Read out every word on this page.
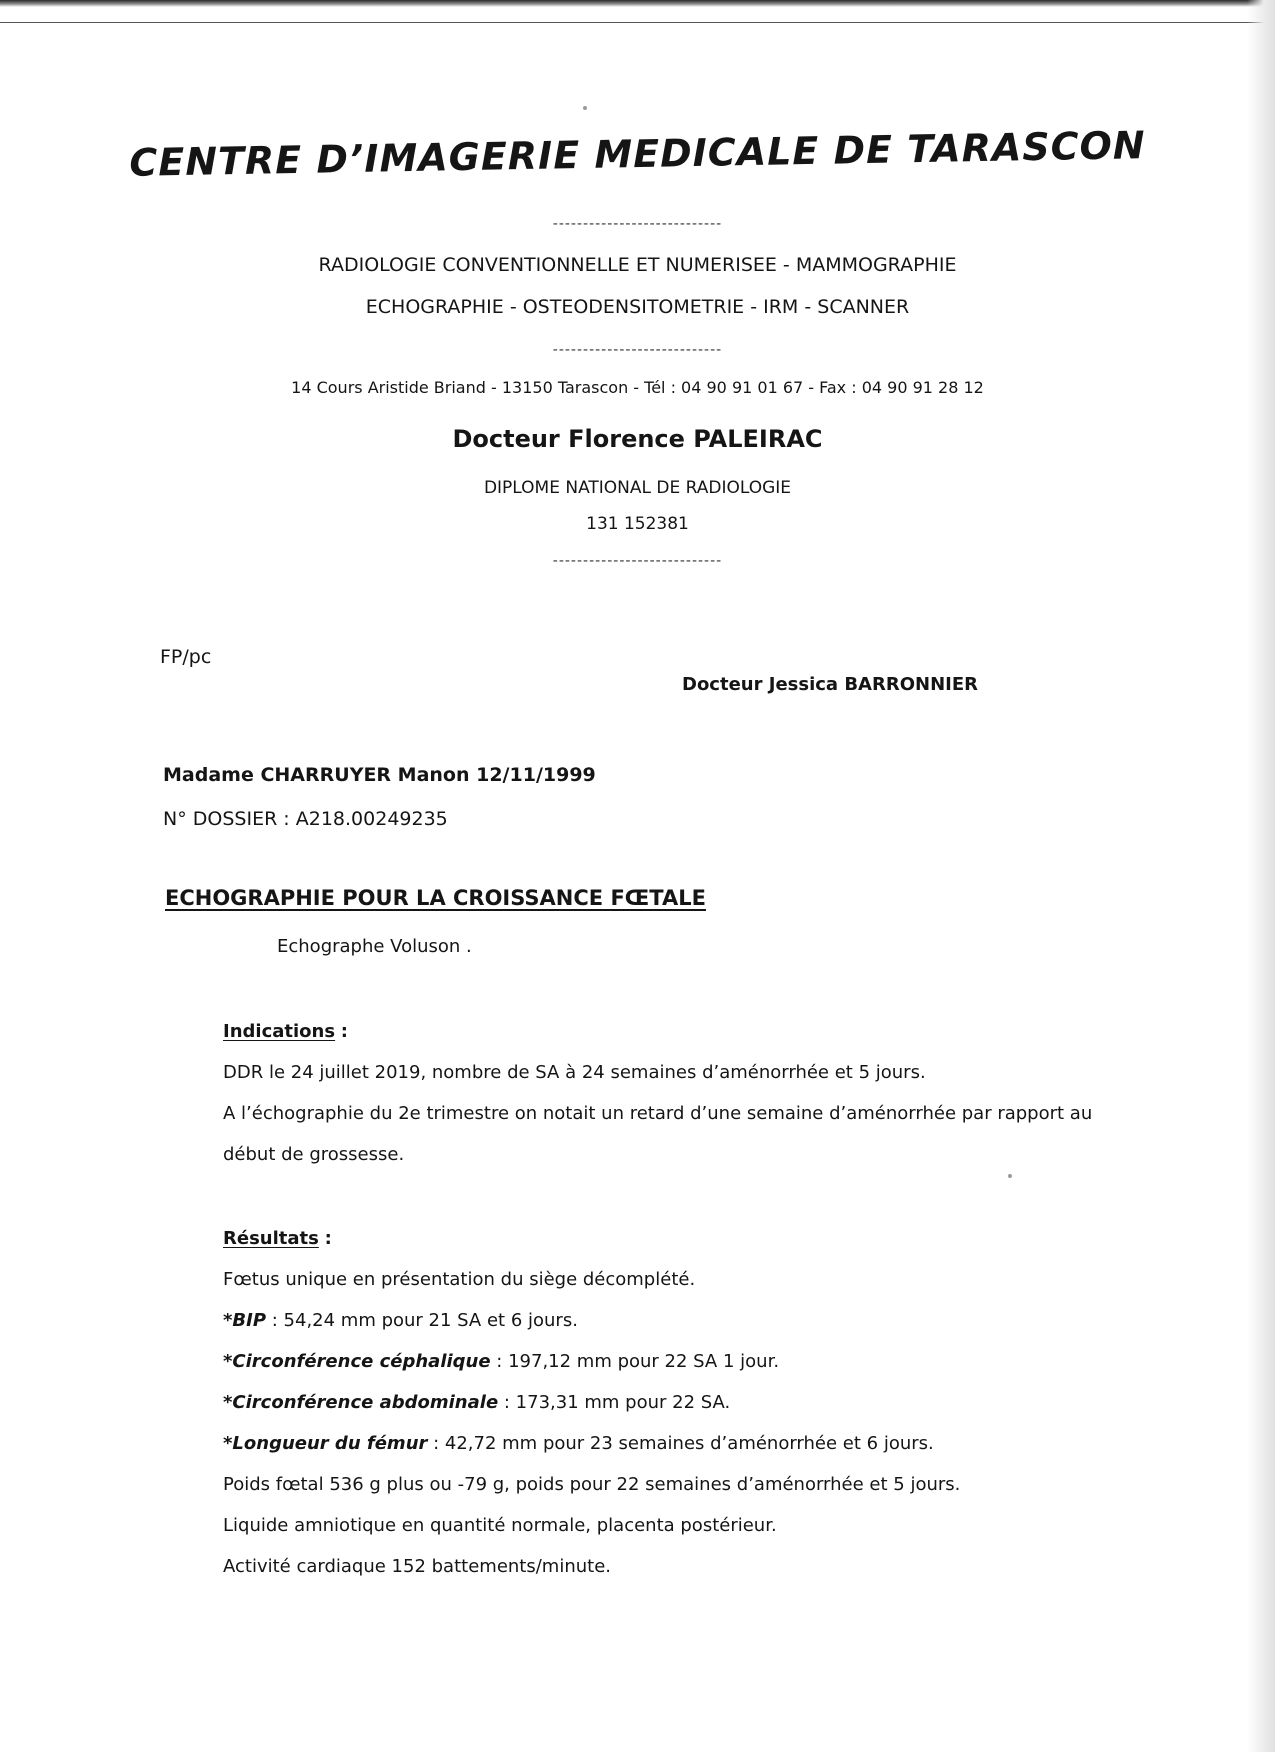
CENTRE D’IMAGERIE MEDICALE DE TARASCON
----------------------------
RADIOLOGIE CONVENTIONNELLE ET NUMERISEE - MAMMOGRAPHIE
ECHOGRAPHIE - OSTEODENSITOMETRIE - IRM - SCANNER
----------------------------
14 Cours Aristide Briand - 13150 Tarascon - Tél : 04 90 91 01 67 - Fax : 04 90 91 28 12
Docteur Florence PALEIRAC
DIPLOME NATIONAL DE RADIOLOGIE
131 152381
----------------------------
FP/pc
Docteur Jessica BARRONNIER
Madame CHARRUYER Manon 12/11/1999
N° DOSSIER : A218.00249235
ECHOGRAPHIE POUR LA CROISSANCE FŒTALE
Echographe Voluson .
Indications :
DDR le 24 juillet 2019, nombre de SA à 24 semaines d’aménorrhée et 5 jours.
A l’échographie du 2e trimestre on notait un retard d’une semaine d’aménorrhée par rapport au
début de grossesse.
Résultats :
Fœtus unique en présentation du siège décomplété.
*BIP : 54,24 mm pour 21 SA et 6 jours.
*Circonférence céphalique : 197,12 mm pour 22 SA 1 jour.
*Circonférence abdominale : 173,31 mm pour 22 SA.
*Longueur du fémur : 42,72 mm pour 23 semaines d’aménorrhée et 6 jours.
Poids fœtal 536 g plus ou -79 g, poids pour 22 semaines d’aménorrhée et 5 jours.
Liquide amniotique en quantité normale, placenta postérieur.
Activité cardiaque 152 battements/minute.
